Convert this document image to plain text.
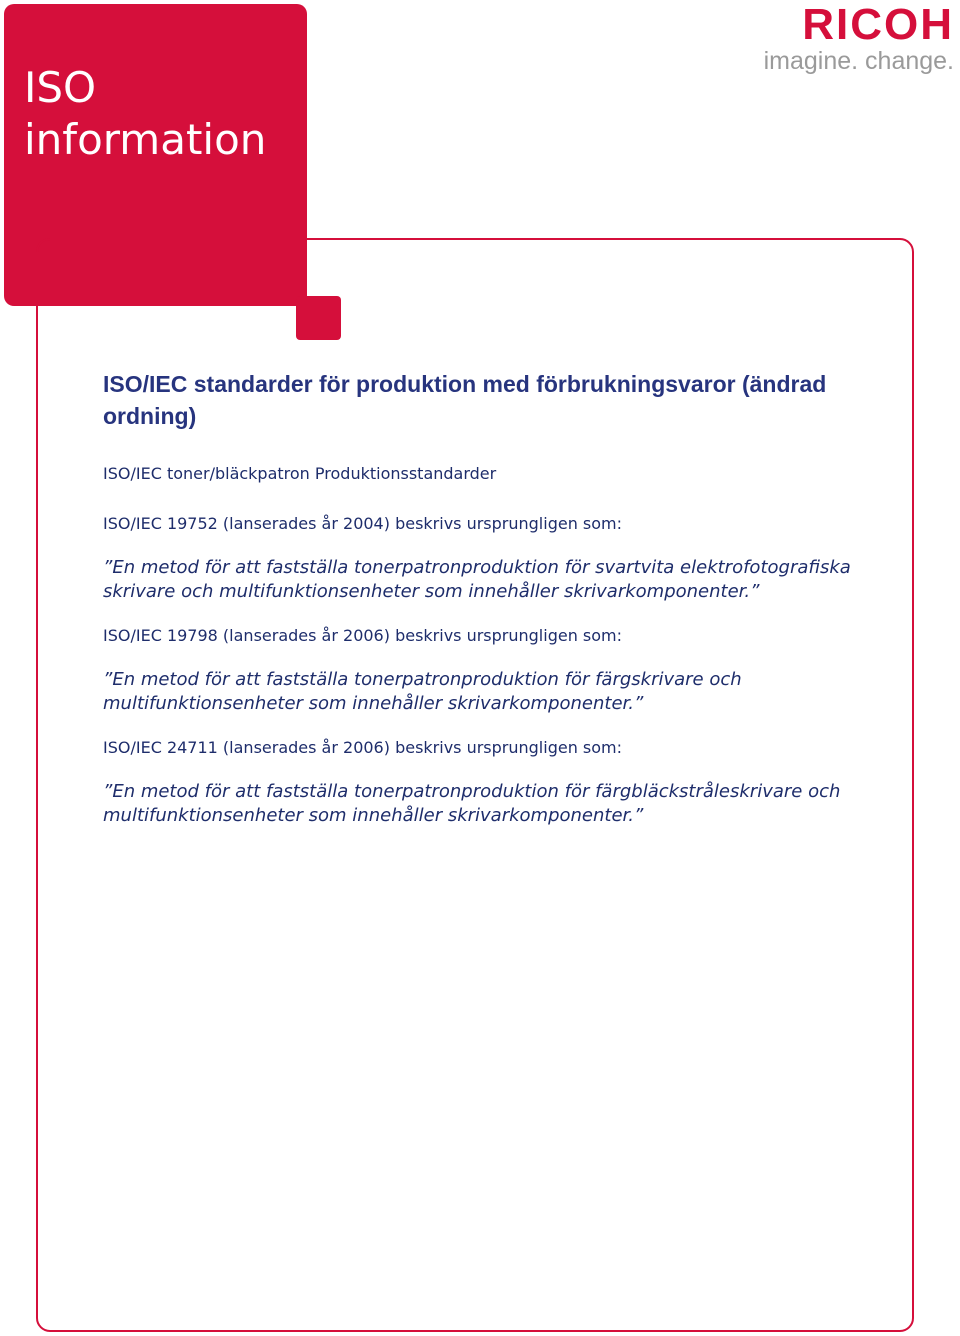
ISO
information
RICOH
imagine. change.
ISO/IEC standarder för produktion med förbrukningsvaror (ändrad ordning)

ISO/IEC toner/bläckpatron Produktionsstandarder

ISO/IEC 19752 (lanserades år 2004) beskrivs ursprungligen som:

”En metod för att fastställa tonerpatronproduktion för svartvita elektrofotografiska skrivare och multifunktionsenheter som innehåller skrivarkomponenter.”

ISO/IEC 19798 (lanserades år 2006) beskrivs ursprungligen som:

”En metod för att fastställa tonerpatronproduktion för färgskrivare och multifunktionsenheter som innehåller skrivarkomponenter.”

ISO/IEC 24711 (lanserades år 2006) beskrivs ursprungligen som:

”En metod för att fastställa tonerpatronproduktion för färgbläckstråleskrivare och multifunktionsenheter som innehåller skrivarkomponenter.”
